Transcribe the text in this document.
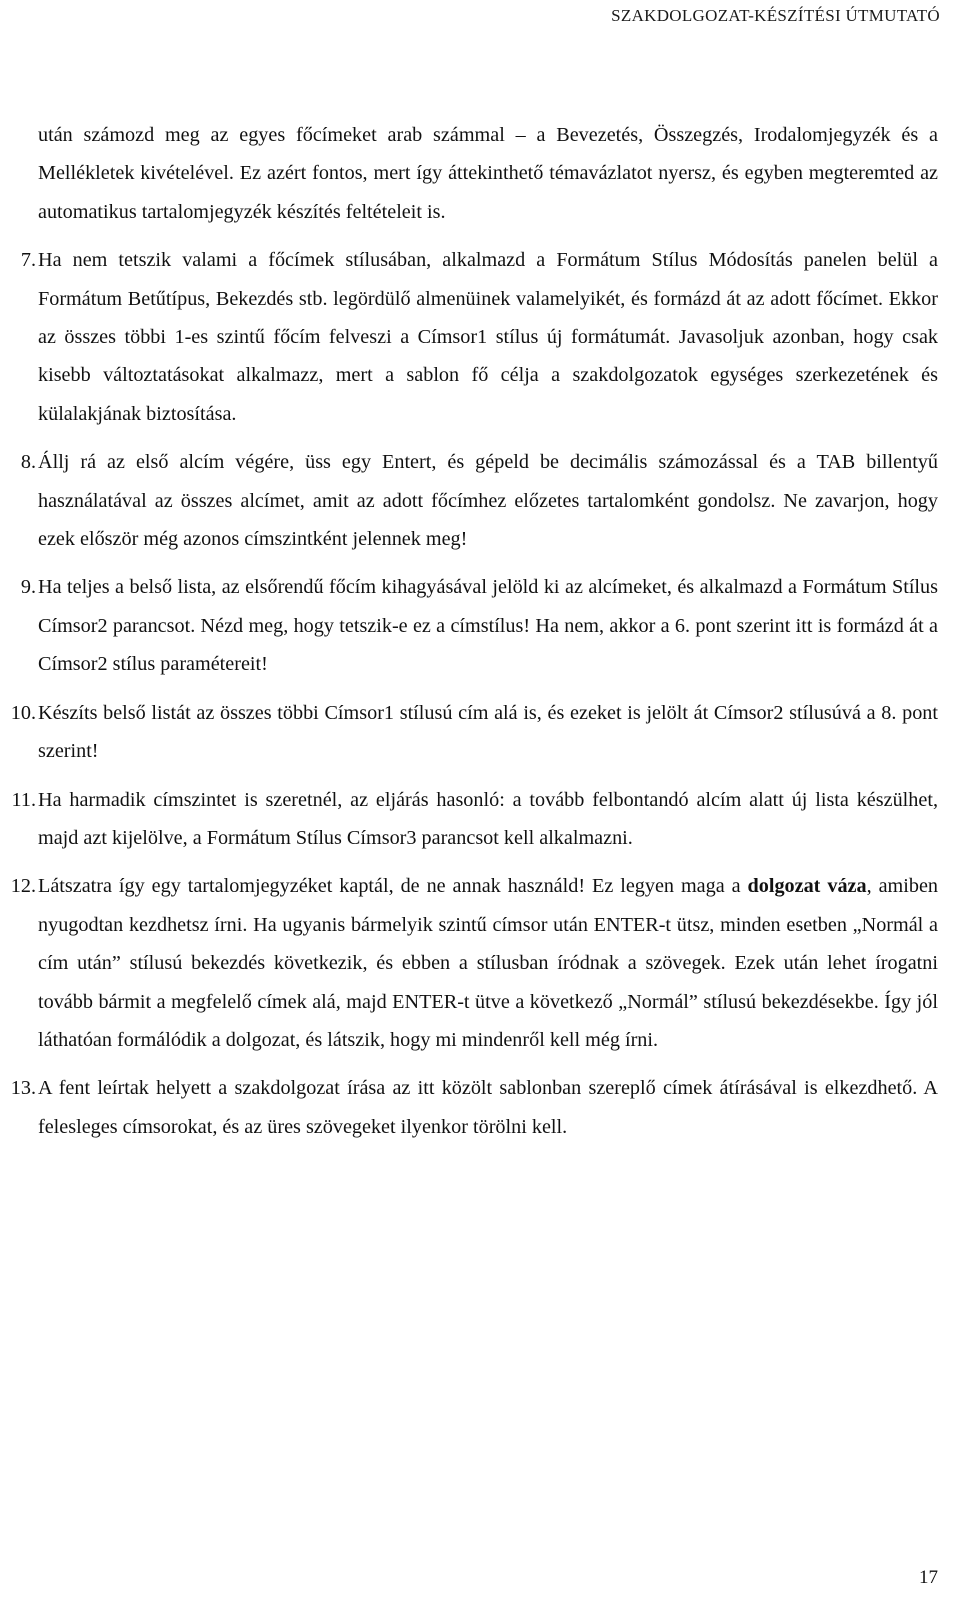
SZAKDOLGOZAT-KÉSZÍTÉSI ÚTMUTATÓ

után számozd meg az egyes főcímeket arab számmal – a Bevezetés, Összegzés, Irodalomjegyzék és a Mellékletek kivételével. Ez azért fontos, mert így áttekinthető témavázlatot nyersz, és egyben megteremted az automatikus tartalomjegyzék készítés feltételeit is.

7. Ha nem tetszik valami a főcímek stílusában, alkalmazd a Formátum Stílus Módosítás panelen belül a Formátum Betűtípus, Bekezdés stb. legördülő almenüinek valamelyikét, és formázd át az adott főcímet. Ekkor az összes többi 1-es szintű főcím felveszi a Címsor1 stílus új formátumát. Javasoljuk azonban, hogy csak kisebb változtatásokat alkalmazz, mert a sablon fő célja a szakdolgozatok egységes szerkezetének és külalakjának biztosítása.

8. Állj rá az első alcím végére, üss egy Entert, és gépeld be decimális számozással és a TAB billentyű használatával az összes alcímet, amit az adott főcímhez előzetes tartalomként gondolsz. Ne zavarjon, hogy ezek először még azonos címszintként jelennek meg!

9. Ha teljes a belső lista, az elsőrendű főcím kihagyásával jelöld ki az alcímeket, és alkalmazd a Formátum Stílus Címsor2 parancsot. Nézd meg, hogy tetszik-e ez a címstílus! Ha nem, akkor a 6. pont szerint itt is formázd át a Címsor2 stílus paramétereit!

10. Készíts belső listát az összes többi Címsor1 stílusú cím alá is, és ezeket is jelölt át Címsor2 stílusúvá a 8. pont szerint!

11. Ha harmadik címszintet is szeretnél, az eljárás hasonló: a tovább felbontandó alcím alatt új lista készülhet, majd azt kijelölve, a Formátum Stílus Címsor3 parancsot kell alkalmazni.

12. Látszatra így egy tartalomjegyzéket kaptál, de ne annak használd! Ez legyen maga a dolgozat váza, amiben nyugodtan kezdhetsz írni. Ha ugyanis bármelyik szintű címsor után ENTER-t ütsz, minden esetben „Normál a cím után” stílusú bekezdés következik, és ebben a stílusban íródnak a szövegek. Ezek után lehet írogatni tovább bármit a megfelelő címek alá, majd ENTER-t ütve a következő „Normál” stílusú bekezdésekbe. Így jól láthatóan formálódik a dolgozat, és látszik, hogy mi mindenről kell még írni.

13. A fent leírtak helyett a szakdolgozat írása az itt közölt sablonban szereplő címek átírásával is elkezdhető. A felesleges címsorokat, és az üres szövegeket ilyenkor törölni kell.

17
